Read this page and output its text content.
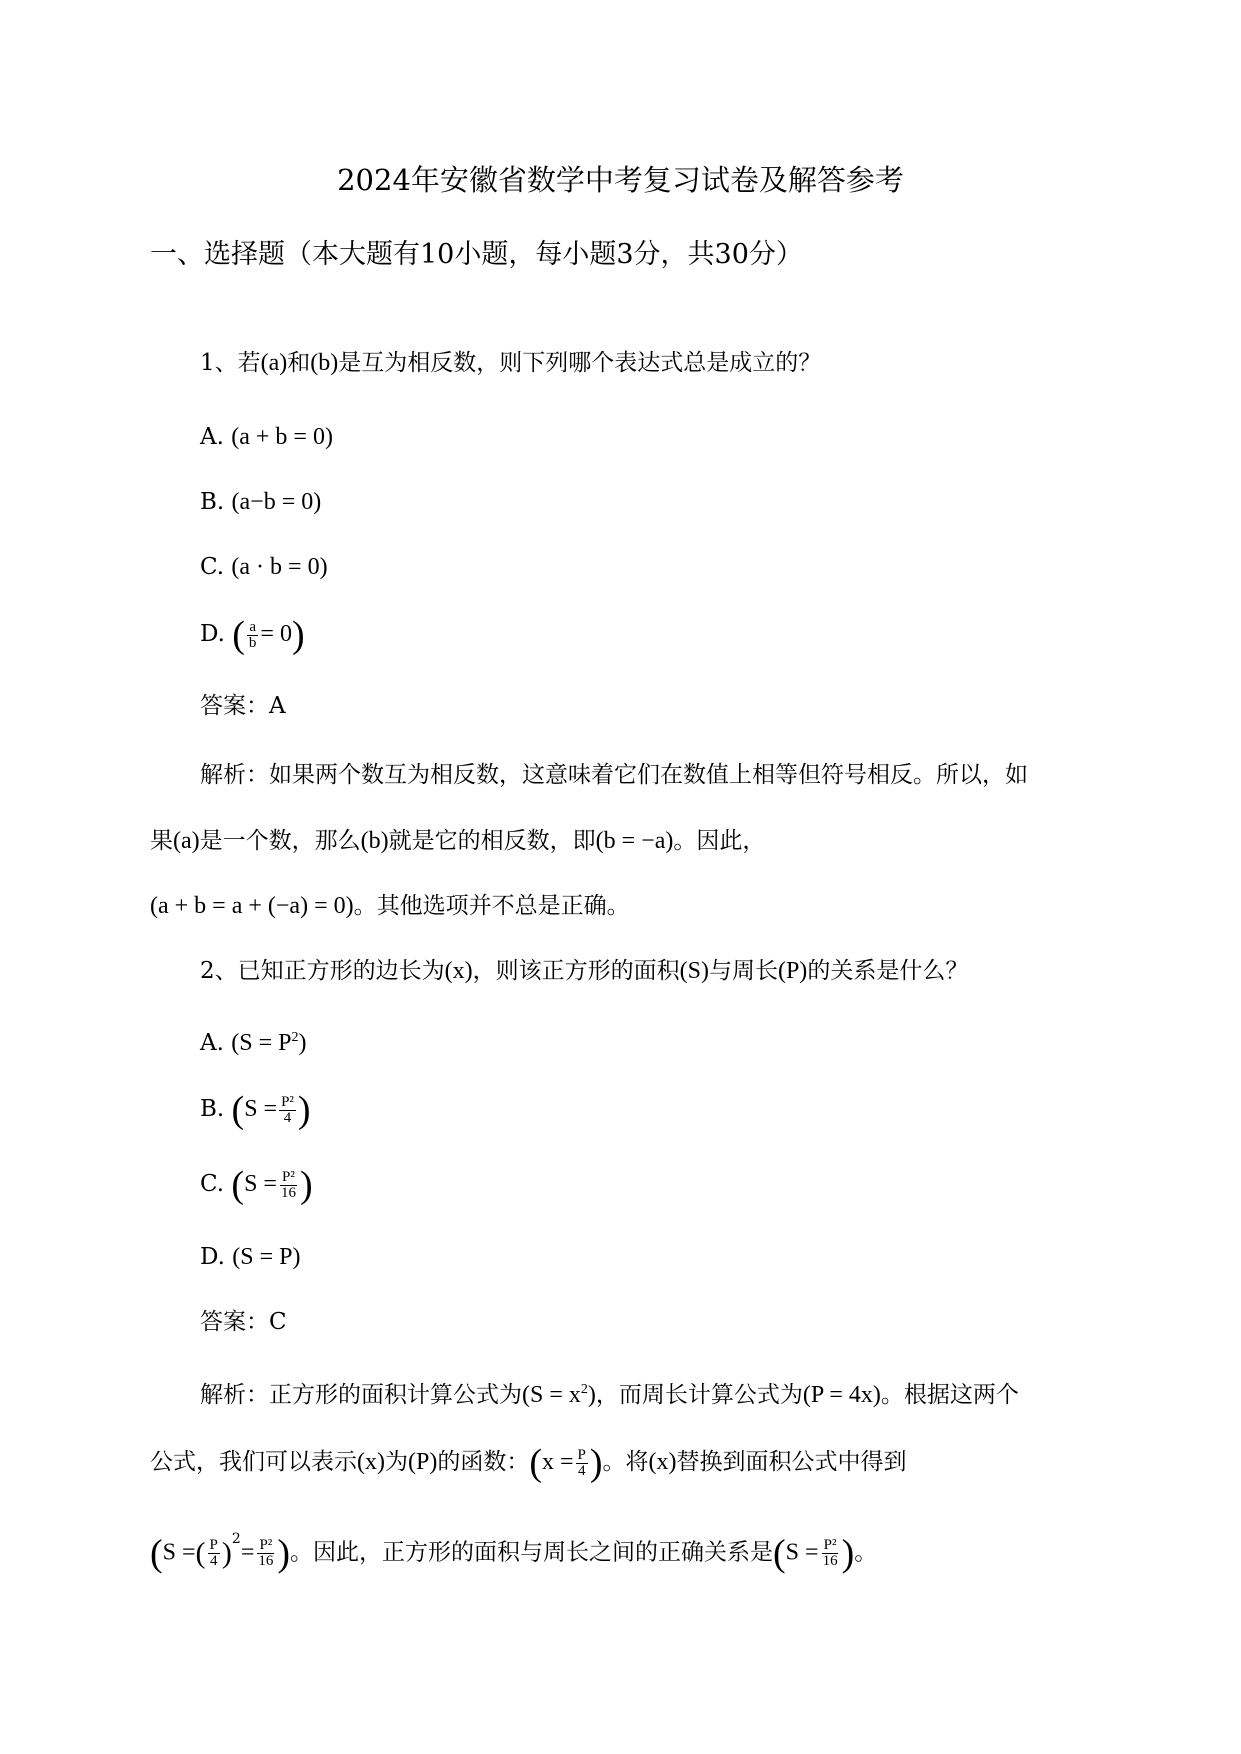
2024年安徽省数学中考复习试卷及解答参考
一、选择题（本大题有10小题，每小题3分，共30分）
1、若(a)和(b)是互为相反数，则下列哪个表达式总是成立的？
A. (a + b = 0)
B. (a−b = 0)
C. (a · b = 0)
D. ( $\frac{a}{b} = 0$)
答案：A
解析：如果两个数互为相反数，这意味着它们在数值上相等但符号相反。所以，如
果(a)是一个数，那么(b)就是它的相反数，即(b = −a)。因此，
(a + b = a + (−a) = 0)。其他选项并不总是正确。
2、已知正方形的边长为(x)，则该正方形的面积(S)与周长(P)的关系是什么？
A. $(S = P^2)$
B. ($S = \frac{\text{P²}}{4}$ )
C. ($S = \frac{\text{P²}}{16}$ )
D. (S = P)
答案：C
解析：正方形的面积计算公式为$(S = x^2)$，而周长计算公式为(P = 4x)。根据这两个
公式，我们可以表示(x)为(P)的函数：($x = \frac{P}{4}$ )。将(x)替换到面积公式中得到
(S =( $\frac{P}{4} )^2= \frac{\text{P²}}{16}$ )。因此，正方形的面积与周长之间的正确关系是($S = \frac{\text{P²}}{16}$ )。
